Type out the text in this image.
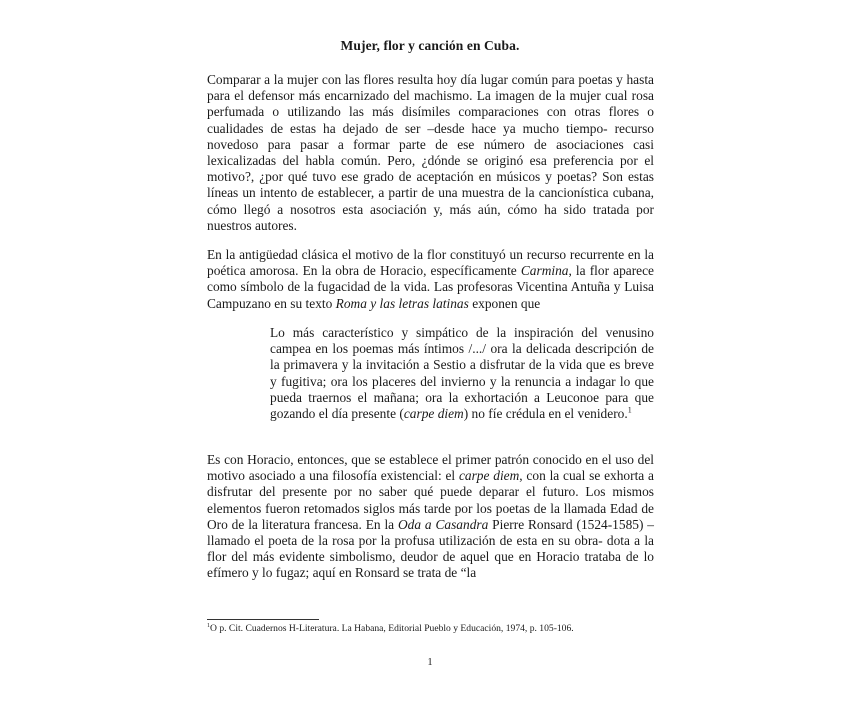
Mujer, flor y canción en Cuba.

Comparar a la mujer con las flores resulta hoy día lugar común para poetas y hasta para el defensor más encarnizado del machismo. La imagen de la mujer cual rosa perfumada o utilizando las más disímiles comparaciones con otras flores o cualidades de estas ha dejado de ser –desde hace ya mucho tiempo- recurso novedoso para pasar a formar parte de ese número de asociaciones casi lexicalizadas del habla común. Pero, ¿dónde se originó esa preferencia por el motivo?, ¿por qué tuvo ese grado de aceptación en músicos y poetas? Son estas líneas un intento de establecer, a partir de una muestra de la cancionística cubana, cómo llegó a nosotros esta asociación y, más aún, cómo ha sido tratada por nuestros autores.

En la antigüedad clásica el motivo de la flor constituyó un recurso recurrente en la poética amorosa. En la obra de Horacio, específicamente Carmina, la flor aparece como símbolo de la fugacidad de la vida. Las profesoras Vicentina Antuña y Luisa Campuzano en su texto Roma y las letras latinas exponen que

Lo más característico y simpático de la inspiración del venusino campea en los poemas más íntimos /.../ ora la delicada descripción de la primavera y la invitación a Sestio a disfrutar de la vida que es breve y fugitiva; ora los placeres del invierno y la renuncia a indagar lo que pueda traernos el mañana; ora la exhortación a Leuconoe para que gozando el día presente (carpe diem) no fíe crédula en el venidero.$^1$

Es con Horacio, entonces, que se establece el primer patrón conocido en el uso del motivo asociado a una filosofía existencial: el carpe diem, con la cual se exhorta a disfrutar del presente por no saber qué puede deparar el futuro. Los mismos elementos fueron retomados siglos más tarde por los poetas de la llamada Edad de Oro de la literatura francesa. En la Oda a Casandra Pierre Ronsard (1524-1585) –llamado el poeta de la rosa por la profusa utilización de esta en su obra- dota a la flor del más evidente simbolismo, deudor de aquel que en Horacio trataba de lo efímero y lo fugaz; aquí en Ronsard se trata de “la

$^1$O p. Cit. Cuadernos H-Literatura. La Habana, Editorial Pueblo y Educación, 1974, p. 105-106.
1
